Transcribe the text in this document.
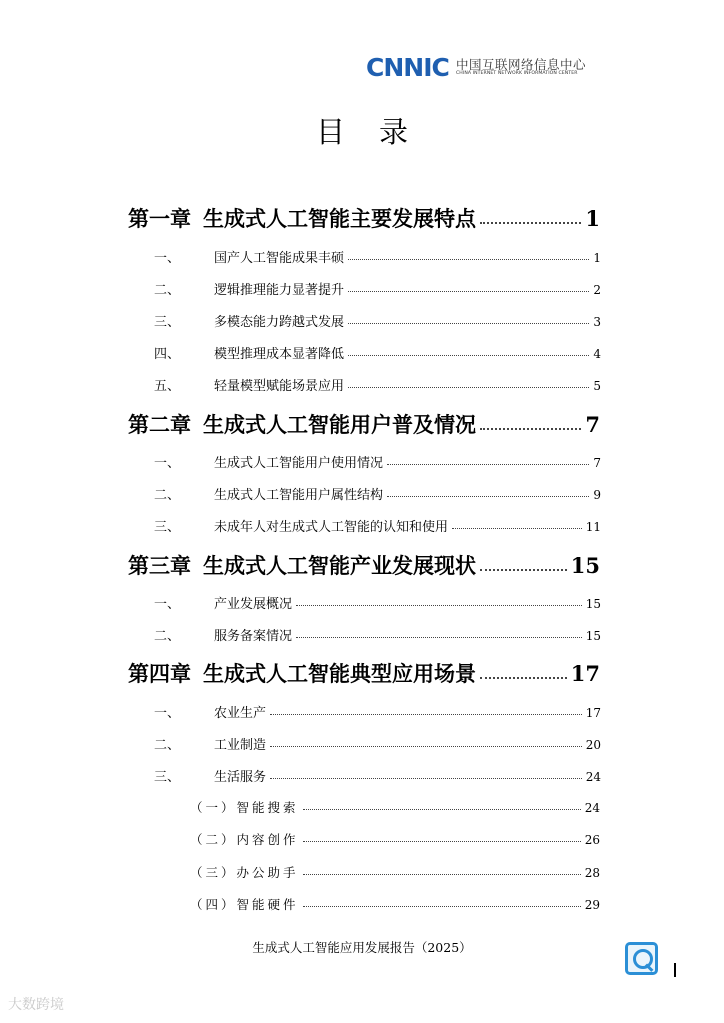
CNNIC 中国互联网络信息中心
CHINA INTERNET NETWORK INFORMATION CENTER
目录
第一章 生成式人工智能主要发展特点	1
一、	国产人工智能成果丰硕	1
二、	逻辑推理能力显著提升	2
三、	多模态能力跨越式发展	3
四、	模型推理成本显著降低	4
五、	轻量模型赋能场景应用	5
第二章 生成式人工智能用户普及情况	7
一、	生成式人工智能用户使用情况	7
二、	生成式人工智能用户属性结构	9
三、	未成年人对生成式人工智能的认知和使用	11
第三章 生成式人工智能产业发展现状	15
一、	产业发展概况	15
二、	服务备案情况	15
第四章 生成式人工智能典型应用场景	17
一、	农业生产	17
二、	工业制造	20
三、	生活服务	24
（一）智能搜索	24
（二）内容创作	26
（三）办公助手	28
（四）智能硬件	29
生成式人工智能应用发展报告（2025）
大数跨境
